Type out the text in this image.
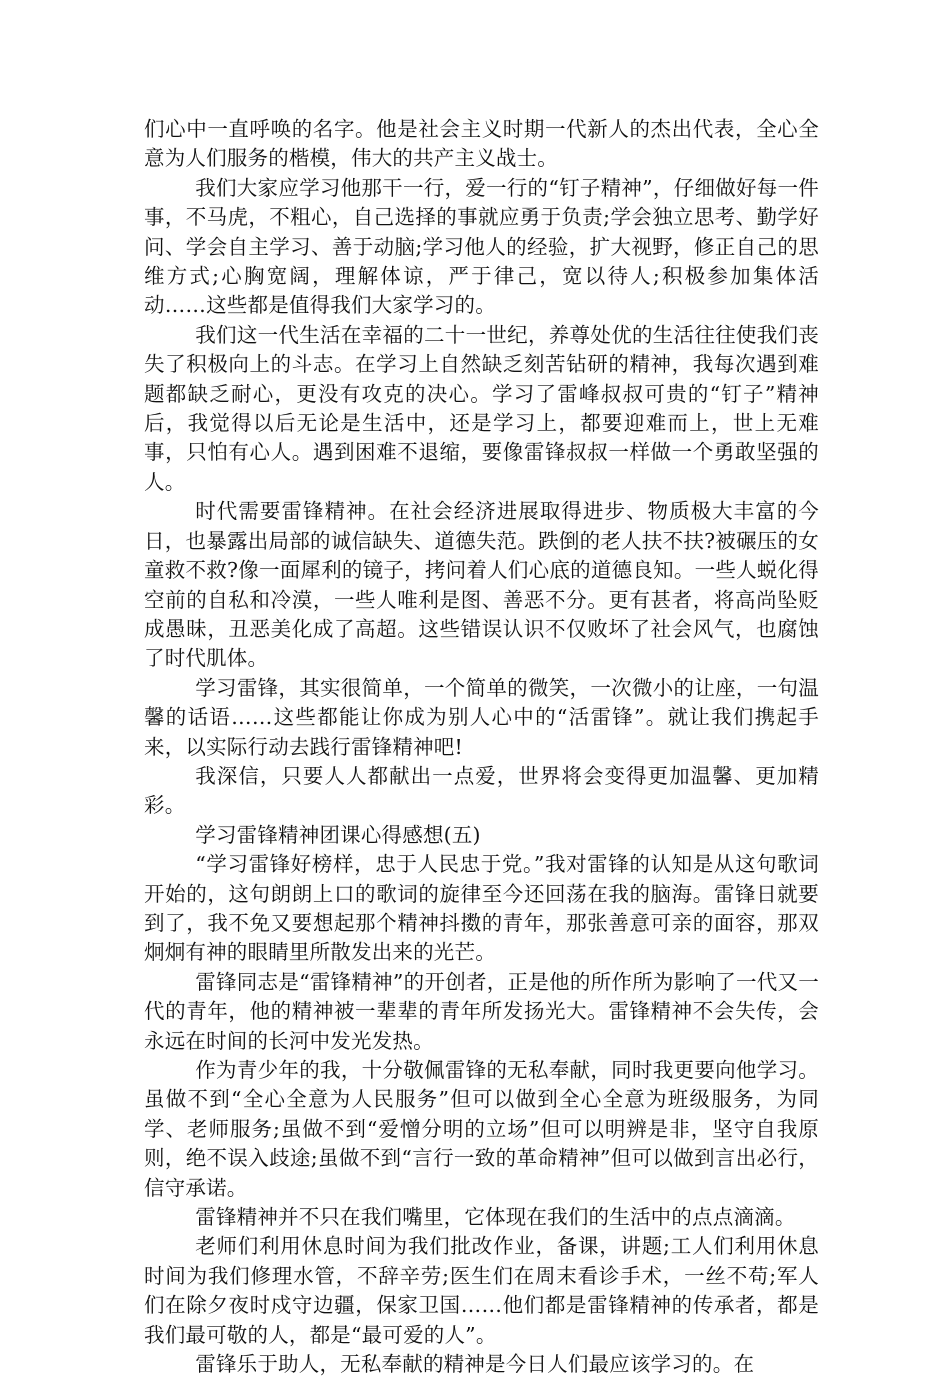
们心中一直呼唤的名字。他是社会主义时期一代新人的杰出代表，全心全意为人们服务的楷模，伟大的共产主义战士。

我们大家应学习他那干一行，爱一行的“钉子精神”，仔细做好每一件事，不马虎，不粗心，自己选择的事就应勇于负责;学会独立思考、勤学好问、学会自主学习、善于动脑;学习他人的经验，扩大视野，修正自己的思维方式;心胸宽阔，理解体谅，严于律己，宽以待人;积极参加集体活动……这些都是值得我们大家学习的。

我们这一代生活在幸福的二十一世纪，养尊处优的生活往往使我们丧失了积极向上的斗志。在学习上自然缺乏刻苦钻研的精神，我每次遇到难题都缺乏耐心，更没有攻克的决心。学习了雷峰叔叔可贵的“钉子”精神后，我觉得以后无论是生活中，还是学习上，都要迎难而上，世上无难事，只怕有心人。遇到困难不退缩，要像雷锋叔叔一样做一个勇敢坚强的人。

时代需要雷锋精神。在社会经济进展取得进步、物质极大丰富的今日，也暴露出局部的诚信缺失、道德失范。跌倒的老人扶不扶?被碾压的女童救不救?像一面犀利的镜子，拷问着人们心底的道德良知。一些人蜕化得空前的自私和冷漠，一些人唯利是图、善恶不分。更有甚者，将高尚坠贬成愚昧，丑恶美化成了高超。这些错误认识不仅败坏了社会风气，也腐蚀了时代肌体。

学习雷锋，其实很简单，一个简单的微笑，一次微小的让座，一句温馨的话语……这些都能让你成为别人心中的“活雷锋”。就让我们携起手来，以实际行动去践行雷锋精神吧!

我深信，只要人人都献出一点爱，世界将会变得更加温馨、更加精彩。

学习雷锋精神团课心得感想(五)

“学习雷锋好榜样，忠于人民忠于党。”我对雷锋的认知是从这句歌词开始的，这句朗朗上口的歌词的旋律至今还回荡在我的脑海。雷锋日就要到了，我不免又要想起那个精神抖擞的青年，那张善意可亲的面容，那双炯炯有神的眼睛里所散发出来的光芒。

雷锋同志是“雷锋精神”的开创者，正是他的所作所为影响了一代又一代的青年，他的精神被一辈辈的青年所发扬光大。雷锋精神不会失传，会永远在时间的长河中发光发热。

作为青少年的我，十分敬佩雷锋的无私奉献，同时我更要向他学习。虽做不到“全心全意为人民服务”但可以做到全心全意为班级服务，为同学、老师服务;虽做不到“爱憎分明的立场”但可以明辨是非，坚守自我原则，绝不误入歧途;虽做不到“言行一致的革命精神”但可以做到言出必行，信守承诺。

雷锋精神并不只在我们嘴里，它体现在我们的生活中的点点滴滴。

老师们利用休息时间为我们批改作业，备课，讲题;工人们利用休息时间为我们修理水管，不辞辛劳;医生们在周末看诊手术，一丝不苟;军人们在除夕夜时戍守边疆，保家卫国……他们都是雷锋精神的传承者，都是我们最可敬的人，都是“最可爱的人”。

雷锋乐于助人，无私奉献的精神是今日人们最应该学习的。在
